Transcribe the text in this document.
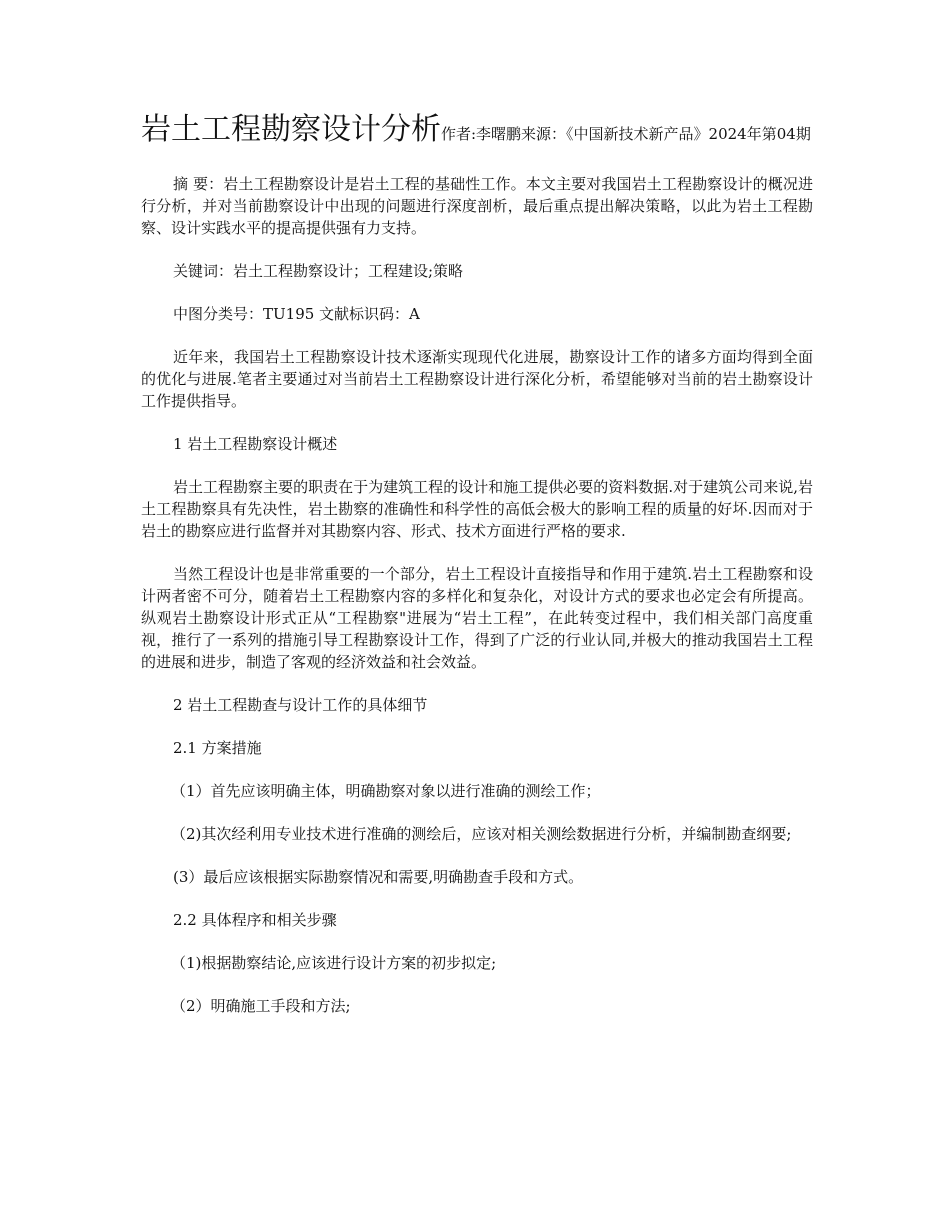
岩土工程勘察设计分析作者:李曙鹏来源：《中国新技术新产品》2024年第04期

摘 要：岩土工程勘察设计是岩土工程的基础性工作。本文主要对我国岩土工程勘察设计的概况进行分析，并对当前勘察设计中出现的问题进行深度剖析，最后重点提出解决策略，以此为岩土工程勘察、设计实践水平的提高提供强有力支持。

关键词：岩土工程勘察设计；工程建设;策略

中图分类号：TU195 文献标识码：A

近年来，我国岩土工程勘察设计技术逐渐实现现代化进展，勘察设计工作的诸多方面均得到全面的优化与进展.笔者主要通过对当前岩土工程勘察设计进行深化分析，希望能够对当前的岩土勘察设计工作提供指导。

1 岩土工程勘察设计概述

岩土工程勘察主要的职责在于为建筑工程的设计和施工提供必要的资料数据.对于建筑公司来说,岩土工程勘察具有先决性，岩土勘察的准确性和科学性的高低会极大的影响工程的质量的好坏.因而对于岩土的勘察应进行监督并对其勘察内容、形式、技术方面进行严格的要求.

当然工程设计也是非常重要的一个部分，岩土工程设计直接指导和作用于建筑.岩土工程勘察和设计两者密不可分，随着岩土工程勘察内容的多样化和复杂化，对设计方式的要求也必定会有所提高。纵观岩土勘察设计形式正从“工程勘察"进展为“岩土工程”，在此转变过程中，我们相关部门高度重视，推行了一系列的措施引导工程勘察设计工作，得到了广泛的行业认同,并极大的推动我国岩土工程的进展和进步，制造了客观的经济效益和社会效益。

2 岩土工程勘查与设计工作的具体细节

2.1 方案措施

（1）首先应该明确主体，明确勘察对象以进行准确的测绘工作；

（2)其次经利用专业技术进行准确的测绘后，应该对相关测绘数据进行分析，并编制勘查纲要;

(3）最后应该根据实际勘察情况和需要,明确勘查手段和方式。

2.2 具体程序和相关步骤

（1)根据勘察结论,应该进行设计方案的初步拟定;

（2）明确施工手段和方法;
